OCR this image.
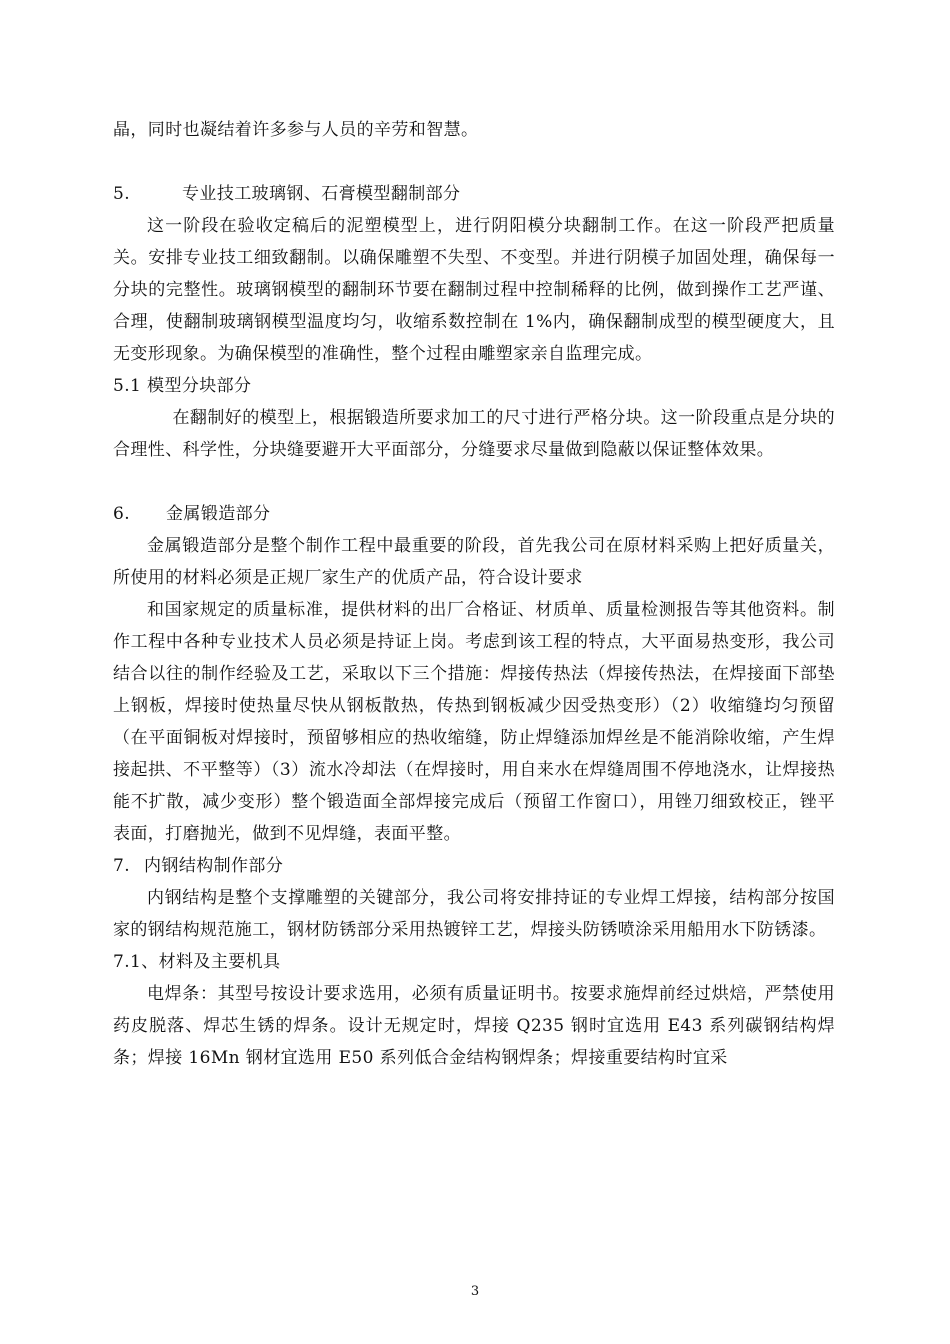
晶，同时也凝结着许多参与人员的辛劳和智慧。

5.	专业技工玻璃钢、石膏模型翻制部分

这一阶段在验收定稿后的泥塑模型上，进行阴阳模分块翻制工作。在这一阶段严把质量关。安排专业技工细致翻制。以确保雕塑不失型、不变型。并进行阴模子加固处理，确保每一分块的完整性。玻璃钢模型的翻制环节要在翻制过程中控制稀释的比例，做到操作工艺严谨、合理，使翻制玻璃钢模型温度均匀，收缩系数控制在 1%内，确保翻制成型的模型硬度大，且无变形现象。为确保模型的准确性，整个过程由雕塑家亲自监理完成。

5.1 模型分块部分

在翻制好的模型上，根据锻造所要求加工的尺寸进行严格分块。这一阶段重点是分块的合理性、科学性，分块缝要避开大平面部分，分缝要求尽量做到隐蔽以保证整体效果。

6. 金属锻造部分

金属锻造部分是整个制作工程中最重要的阶段，首先我公司在原材料采购上把好质量关，所使用的材料必须是正规厂家生产的优质产品，符合设计要求

和国家规定的质量标准，提供材料的出厂合格证、材质单、质量检测报告等其他资料。制作工程中各种专业技术人员必须是持证上岗。考虑到该工程的特点，大平面易热变形，我公司结合以往的制作经验及工艺，采取以下三个措施：焊接传热法（焊接传热法，在焊接面下部垫上钢板，焊接时使热量尽快从钢板散热，传热到钢板减少因受热变形）（2）收缩缝均匀预留（在平面铜板对焊接时，预留够相应的热收缩缝，防止焊缝添加焊丝是不能消除收缩，产生焊接起拱、不平整等）（3）流水冷却法（在焊接时，用自来水在焊缝周围不停地浇水，让焊接热能不扩散，减少变形）整个锻造面全部焊接完成后（预留工作窗口），用锉刀细致校正，锉平表面，打磨抛光，做到不见焊缝，表面平整。

7. 内钢结构制作部分

内钢结构是整个支撑雕塑的关键部分，我公司将安排持证的专业焊工焊接，结构部分按国家的钢结构规范施工，钢材防锈部分采用热镀锌工艺，焊接头防锈喷涂采用船用水下防锈漆。

7.1、材料及主要机具

电焊条：其型号按设计要求选用，必须有质量证明书。按要求施焊前经过烘焙，严禁使用药皮脱落、焊芯生锈的焊条。设计无规定时，焊接 Q235 钢时宜选用 E43 系列碳钢结构焊条；焊接 16Mn 钢材宜选用 E50 系列低合金结构钢焊条；焊接重要结构时宜采

3
